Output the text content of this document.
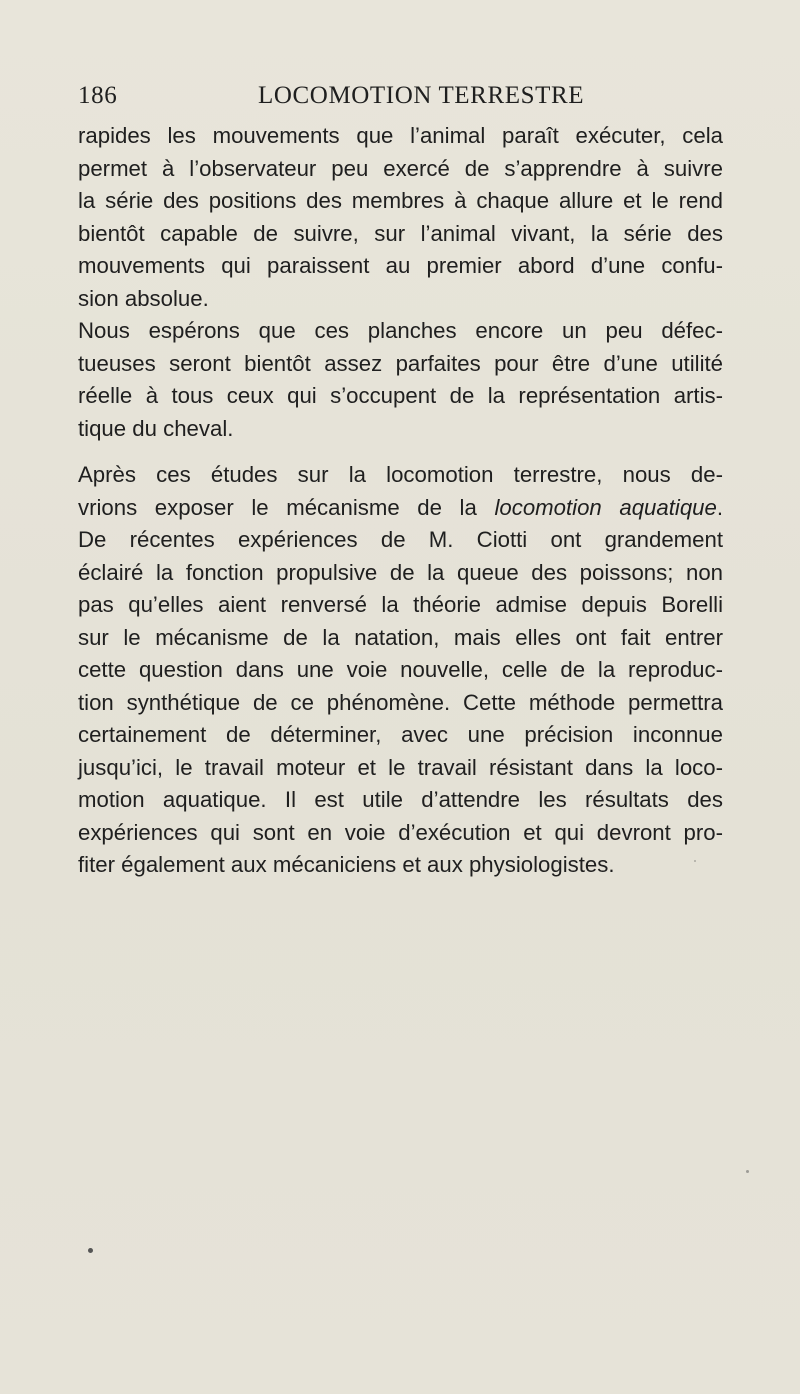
186	LOCOMOTION TERRESTRE
rapides les mouvements que l’animal paraît exécuter, cela
permet à l’observateur peu exercé de s’apprendre à suivre
la série des positions des membres à chaque allure et le rend
bientôt capable de suivre, sur l’animal vivant, la série des
mouvements qui paraissent au premier abord d’une confu-
sion absolue.
Nous espérons que ces planches encore un peu défec-
tueuses seront bientôt assez parfaites pour être d’une utilité
réelle à tous ceux qui s’occupent de la représentation artis-
tique du cheval.
Après ces études sur la locomotion terrestre, nous de-
vrions exposer le mécanisme de la locomotion aquatique.
De récentes expériences de M. Ciotti ont grandement
éclairé la fonction propulsive de la queue des poissons; non
pas qu’elles aient renversé la théorie admise depuis Borelli
sur le mécanisme de la natation, mais elles ont fait entrer
cette question dans une voie nouvelle, celle de la reproduc-
tion synthétique de ce phénomène. Cette méthode permettra
certainement de déterminer, avec une précision inconnue
jusqu’ici, le travail moteur et le travail résistant dans la loco-
motion aquatique. Il est utile d’attendre les résultats des
expériences qui sont en voie d’exécution et qui devront pro-
fiter également aux mécaniciens et aux physiologistes.
